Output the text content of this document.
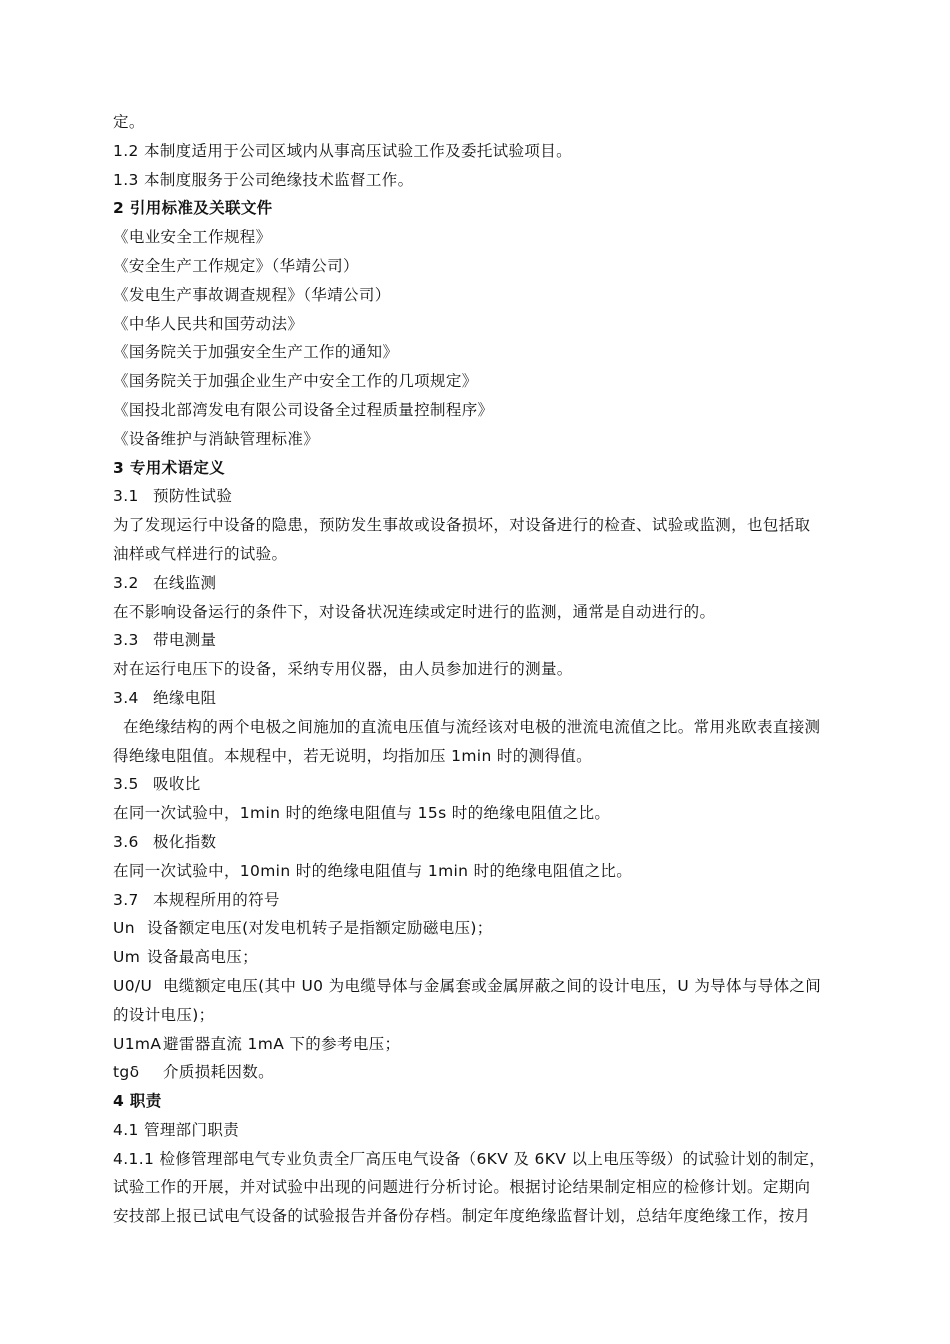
定。
1.2 本制度适用于公司区域内从事高压试验工作及委托试验项目。
1.3 本制度服务于公司绝缘技术监督工作。
2 引用标准及关联文件
《电业安全工作规程》
《安全生产工作规定》（华靖公司）
《发电生产事故调查规程》（华靖公司）
《中华人民共和国劳动法》
《国务院关于加强安全生产工作的通知》
《国务院关于加强企业生产中安全工作的几项规定》
《国投北部湾发电有限公司设备全过程质量控制程序》
《设备维护与消缺管理标准》
3 专用术语定义
3.1 预防性试验
为了发现运行中设备的隐患，预防发生事故或设备损坏，对设备进行的检查、试验或监测，也包括取
油样或气样进行的试验。
3.2 在线监测
在不影响设备运行的条件下，对设备状况连续或定时进行的监测，通常是自动进行的。
3.3 带电测量
对在运行电压下的设备，采纳专用仪器，由人员参加进行的测量。
3.4 绝缘电阻
在绝缘结构的两个电极之间施加的直流电压值与流经该对电极的泄流电流值之比。常用兆欧表直接测
得绝缘电阻值。本规程中，若无说明，均指加压 1min 时的测得值。
3.5 吸收比
在同一次试验中，1min 时的绝缘电阻值与 15s 时的绝缘电阻值之比。
3.6 极化指数
在同一次试验中，10min 时的绝缘电阻值与 1min 时的绝缘电阻值之比。
3.7 本规程所用的符号
Un 设备额定电压(对发电机转子是指额定励磁电压)；
Um 设备最高电压；
U0/U 电缆额定电压(其中 U0 为电缆导体与金属套或金属屏蔽之间的设计电压，U 为导体与导体之间
的设计电压)；
U1mA 避雷器直流 1mA 下的参考电压；
tgδ 介质损耗因数。
4 职责
4.1 管理部门职责
4.1.1 检修管理部电气专业负责全厂高压电气设备（6KV 及 6KV 以上电压等级）的试验计划的制定，
试验工作的开展，并对试验中出现的问题进行分析讨论。根据讨论结果制定相应的检修计划。定期向
安技部上报已试电气设备的试验报告并备份存档。制定年度绝缘监督计划，总结年度绝缘工作，按月
